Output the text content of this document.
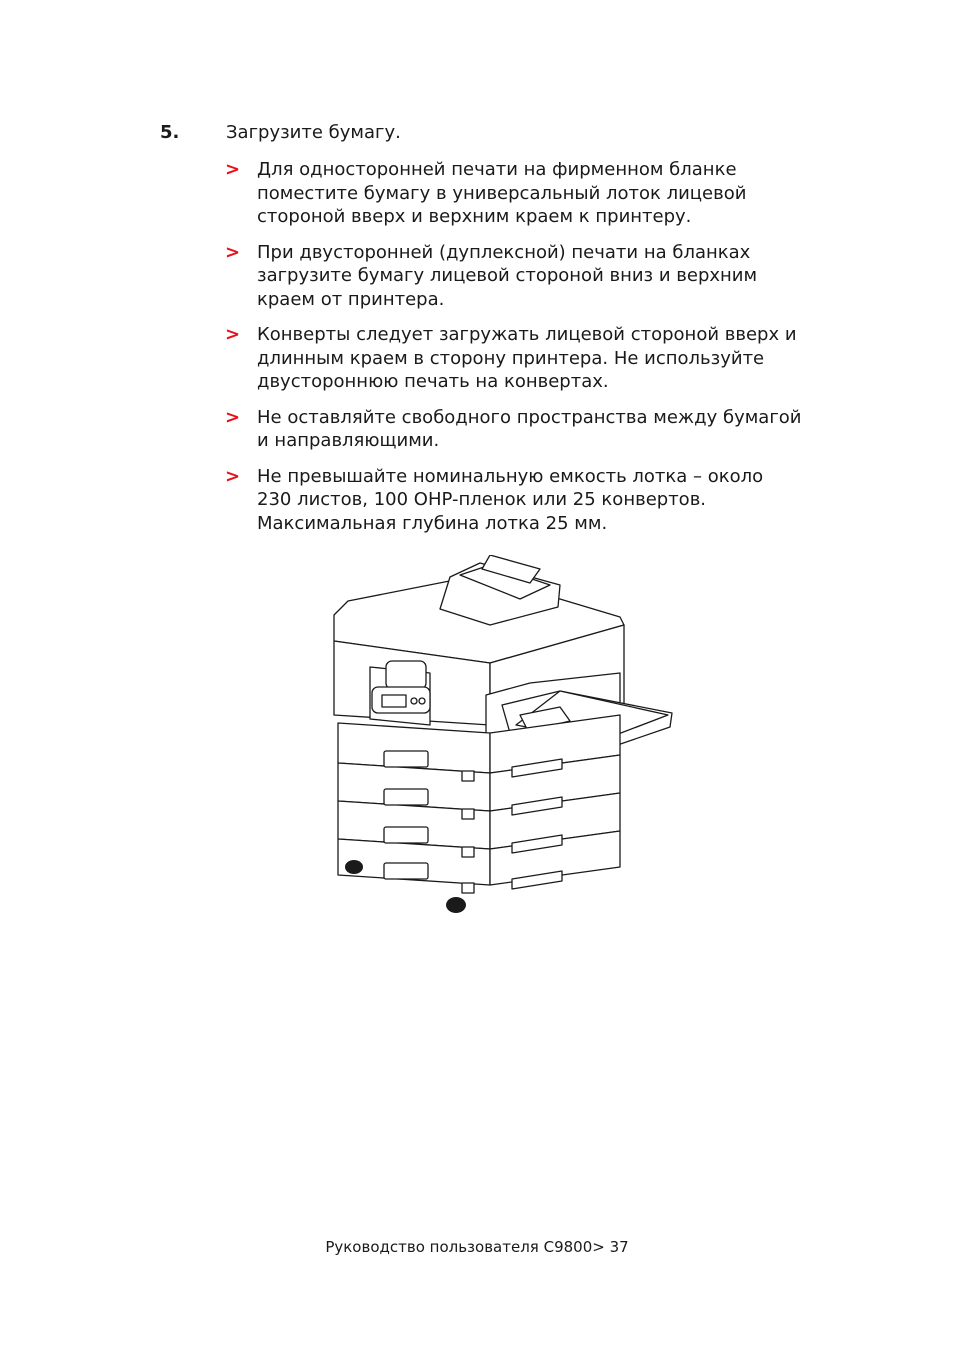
5.	Загрузите бумагу.
> Для односторонней печати на фирменном бланке
поместите бумагу в универсальный лоток лицевой
стороной вверх и верхним краем к принтеру.
> При двусторонней (дуплексной) печати на бланках
загрузите бумагу лицевой стороной вниз и верхним
краем от принтера.
> Конверты следует загружать лицевой стороной вверх и
длинным краем в сторону принтера. Не используйте
двустороннюю печать на конвертах.
> Не оставляйте свободного пространства между бумагой
и направляющими.
> Не превышайте номинальную емкость лотка – около
230 листов, 100 OHP-пленок или 25 конвертов.
Максимальная глубина лотка 25 мм.
Руководство пользователя C9800> 37
